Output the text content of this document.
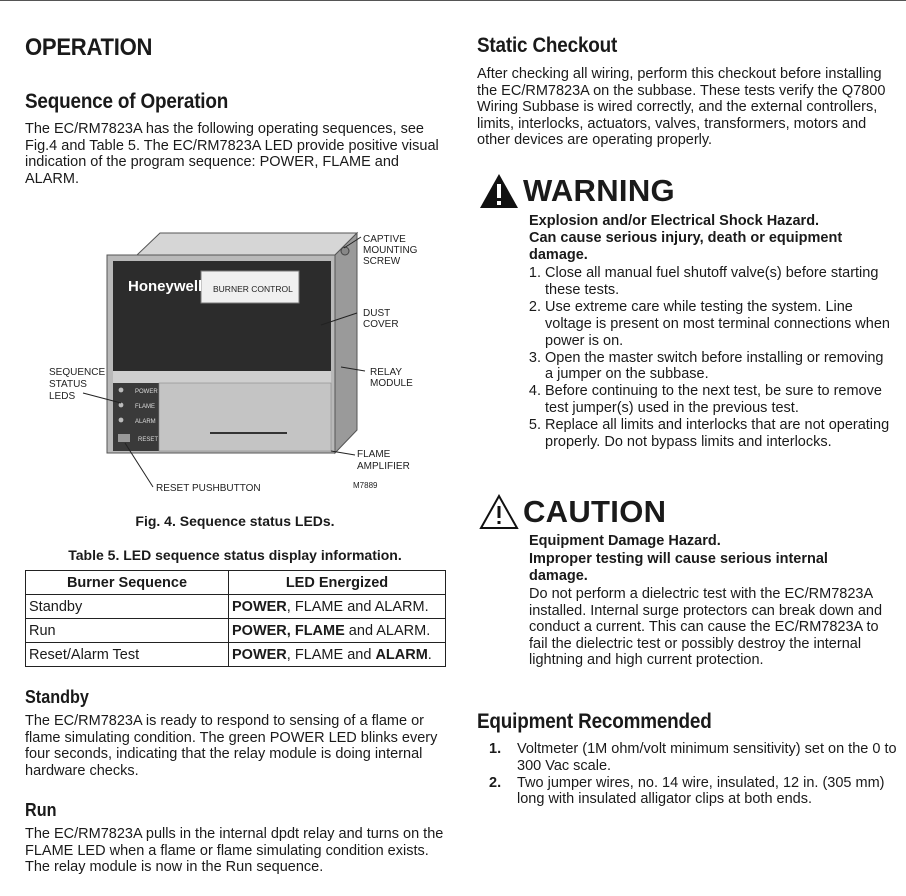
OPERATION
Sequence of Operation
The EC/RM7823A has the following operating sequences, see Fig.4 and Table 5. The EC/RM7823A LED provide positive visual indication of the program sequence: POWER, FLAME and ALARM.
Honeywell BURNER CONTROL
POWER
FLAME
ALARM
RESET
CAPTIVE
MOUNTING
SCREW
DUST
COVER
RELAY
MODULE
SEQUENCE
STATUS
LEDS
FLAME
AMPLIFIER
RESET PUSHBUTTON	M7889
Fig. 4. Sequence status LEDs.
Table 5. LED sequence status display information.
Burner Sequence	LED Energized
Standby	POWER, FLAME and ALARM.
Run	POWER, FLAME and ALARM.
Reset/Alarm Test	POWER, FLAME and ALARM.
Standby
The EC/RM7823A is ready to respond to sensing of a flame or flame simulating condition. The green POWER LED blinks every four seconds, indicating that the relay module is doing internal hardware checks.
Run
The EC/RM7823A pulls in the internal dpdt relay and turns on the FLAME LED when a flame or flame simulating condition exists. The relay module is now in the Run sequence.
Static Checkout
After checking all wiring, perform this checkout before installing the EC/RM7823A on the subbase. These tests verify the Q7800 Wiring Subbase is wired correctly, and the external controllers, limits, interlocks, actuators, valves, transformers, motors and other devices are operating properly.
WARNING
Explosion and/or Electrical Shock Hazard.
Can cause serious injury, death or equipment damage.
1. Close all manual fuel shutoff valve(s) before starting these tests.
2. Use extreme care while testing the system. Line voltage is present on most terminal connections when power is on.
3. Open the master switch before installing or removing a jumper on the subbase.
4. Before continuing to the next test, be sure to remove test jumper(s) used in the previous test.
5. Replace all limits and interlocks that are not operating properly. Do not bypass limits and interlocks.
CAUTION
Equipment Damage Hazard.
Improper testing will cause serious internal damage.
Do not perform a dielectric test with the EC/RM7823A installed. Internal surge protectors can break down and conduct a current. This can cause the EC/RM7823A to fail the dielectric test or possibly destroy the internal lightning and high current protection.
Equipment Recommended
1.	Voltmeter (1M ohm/volt minimum sensitivity) set on the 0 to 300 Vac scale.
2.	Two jumper wires, no. 14 wire, insulated, 12 in. (305 mm) long with insulated alligator clips at both ends.
